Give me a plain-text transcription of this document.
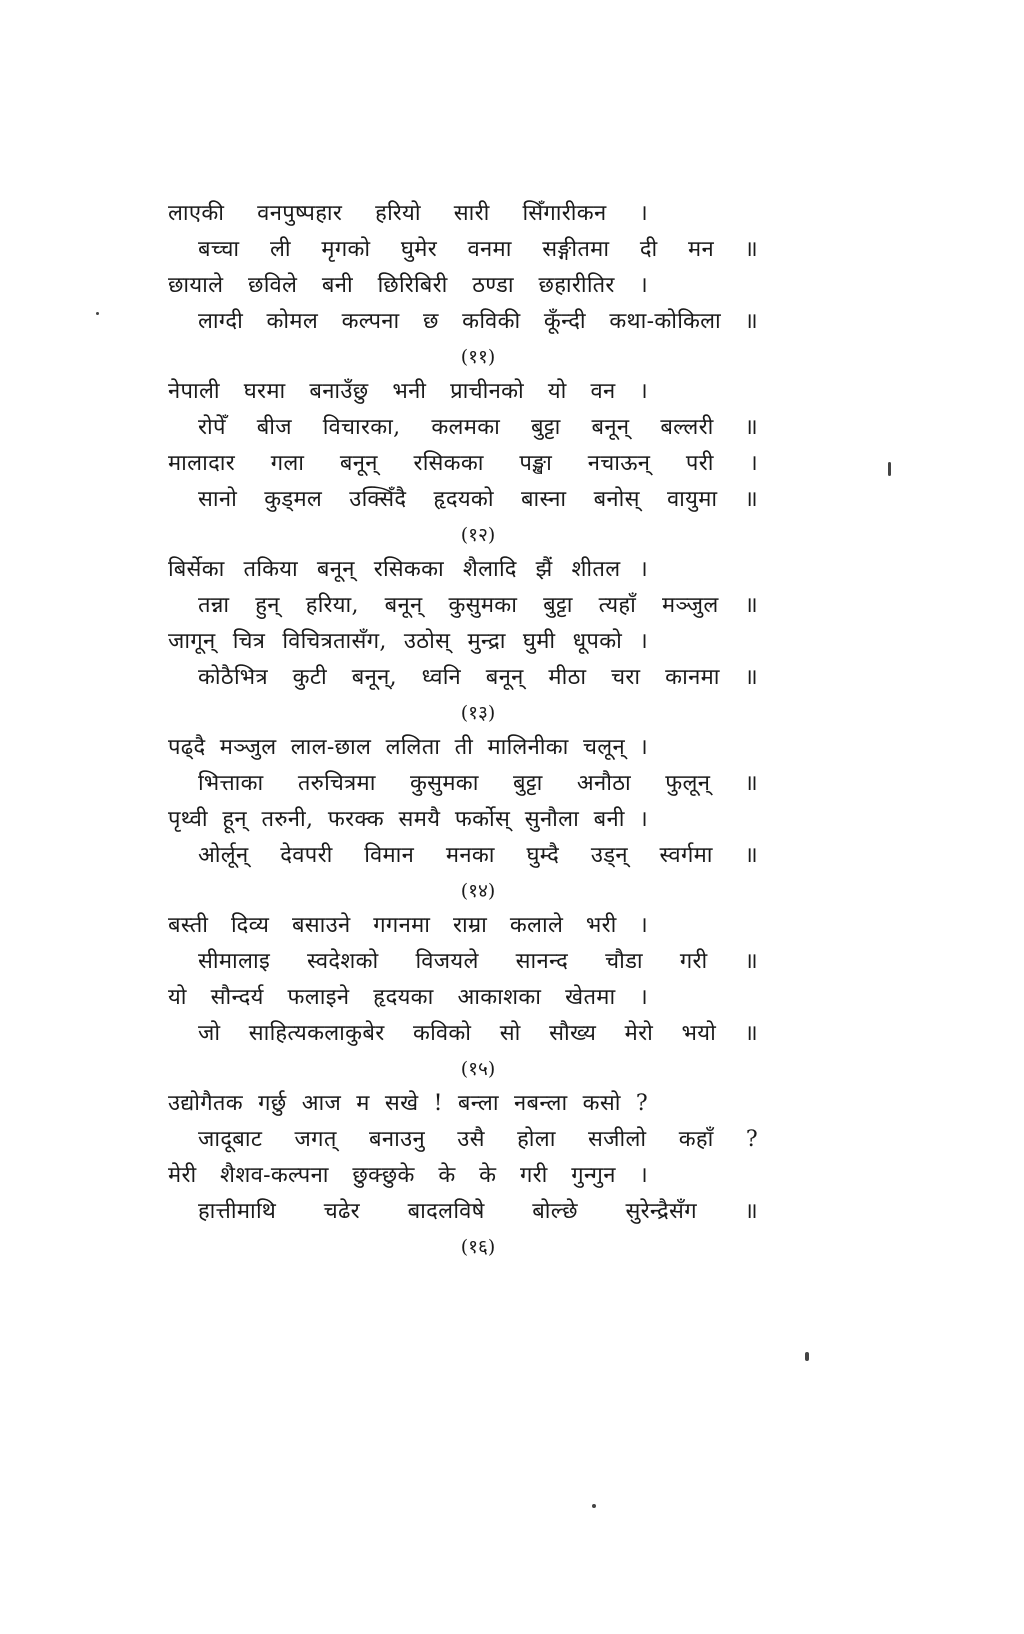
लाएकी वनपुष्पहार हरियो सारी सिँगारीकन ।
बच्चा ली मृगको घुमेर वनमा सङ्गीतमा दी मन ॥
छायाले छविले बनी छिरिबिरी ठण्डा छहारीतिर ।
लाग्दी कोमल कल्पना छ कविकी कूँन्दी कथा-कोकिला ॥
(११)
नेपाली घरमा बनाउँछु भनी प्राचीनको यो वन ।
रोपेँ बीज विचारका, कलमका बुट्टा बनून् बल्लरी ॥
मालादार गला बनून् रसिकका पङ्खा नचाऊन् परी ।
सानो कुड्मल उक्सिँदै हृदयको बास्ना बनोस् वायुमा ॥
(१२)
बिर्सेका तकिया बनून् रसिकका शैलादि झैं शीतल ।
तन्ना हुन् हरिया, बनून् कुसुमका बुट्टा त्यहाँ मञ्जुल ॥
जागून् चित्र विचित्रतासँग, उठोस् मुन्द्रा घुमी धूपको ।
कोठैभित्र कुटी बनून्, ध्वनि बनून् मीठा चरा कानमा ॥
(१३)
पढ्दै मञ्जुल लाल-छाल ललिता ती मालिनीका चलून् ।
भित्ताका तरुचित्रमा कुसुमका बुट्टा अनौठा फुलून् ॥
पृथ्वी हून् तरुनी, फरक्क समयै फर्कोस् सुनौला बनी ।
ओर्लून् देवपरी विमान मनका घुम्दै उड्न् स्वर्गमा ॥
(१४)
बस्ती दिव्य बसाउने गगनमा राम्रा कलाले भरी ।
सीमालाइ स्वदेशको विजयले सानन्द चौडा गरी ॥
यो सौन्दर्य फलाइने हृदयका आकाशका खेतमा ।
जो साहित्यकलाकुबेर कविको सो सौख्य मेरो भयो ॥
(१५)
उद्योगैतक गर्छु आज म सखे ! बन्ला नबन्ला कसो ?
जादूबाट जगत् बनाउनु उसै होला सजीलो कहाँ ?
मेरी शैशव-कल्पना छुक्छुके के के गरी गुन्गुन ।
हात्तीमाथि चढेर बादलविषे बोल्छे सुरेन्द्रैसँग ॥
(१६)
